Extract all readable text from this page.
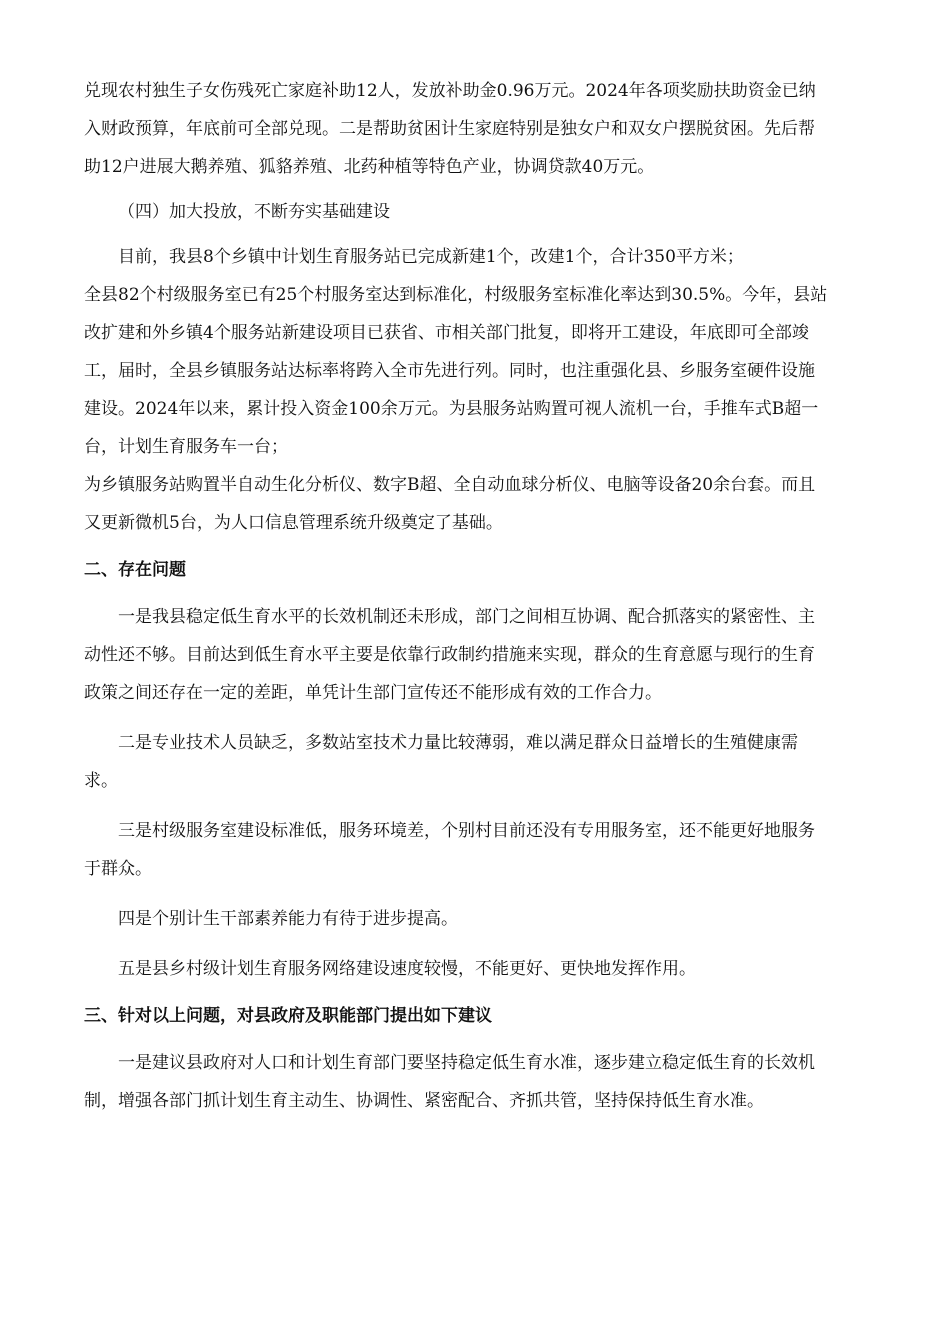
兑现农村独生子女伤残死亡家庭补助12人，发放补助金0.96万元。2024年各项奖励扶助资金已纳

入财政预算，年底前可全部兑现。二是帮助贫困计生家庭特别是独女户和双女户摆脱贫困。先后帮

助12户进展大鹅养殖、狐貉养殖、北药种植等特色产业，协调贷款40万元。

（四）加大投放，不断夯实基础建设

目前，我县8个乡镇中计划生育服务站已完成新建1个，改建1个，合计350平方米；

全县82个村级服务室已有25个村服务室达到标准化，村级服务室标准化率达到30.5%。今年，县站

改扩建和外乡镇4个服务站新建设项目已获省、市相关部门批复，即将开工建设，年底即可全部竣

工，届时，全县乡镇服务站达标率将跨入全市先进行列。同时，也注重强化县、乡服务室硬件设施

建设。2024年以来，累计投入资金100余万元。为县服务站购置可视人流机一台，手推车式B超一

台，计划生育服务车一台；

为乡镇服务站购置半自动生化分析仪、数字B超、全自动血球分析仪、电脑等设备20余台套。而且

又更新微机5台，为人口信息管理系统升级奠定了基础。

二、存在问题

一是我县稳定低生育水平的长效机制还未形成，部门之间相互协调、配合抓落实的紧密性、主

动性还不够。目前达到低生育水平主要是依靠行政制约措施来实现，群众的生育意愿与现行的生育

政策之间还存在一定的差距，单凭计生部门宣传还不能形成有效的工作合力。

二是专业技术人员缺乏，多数站室技术力量比较薄弱，难以满足群众日益增长的生殖健康需

求。

三是村级服务室建设标准低，服务环境差，个别村目前还没有专用服务室，还不能更好地服务

于群众。

四是个别计生干部素养能力有待于进步提高。

五是县乡村级计划生育服务网络建设速度较慢，不能更好、更快地发挥作用。

三、针对以上问题，对县政府及职能部门提出如下建议

一是建议县政府对人口和计划生育部门要坚持稳定低生育水准，逐步建立稳定低生育的长效机

制，增强各部门抓计划生育主动生、协调性、紧密配合、齐抓共管，坚持保持低生育水准。
